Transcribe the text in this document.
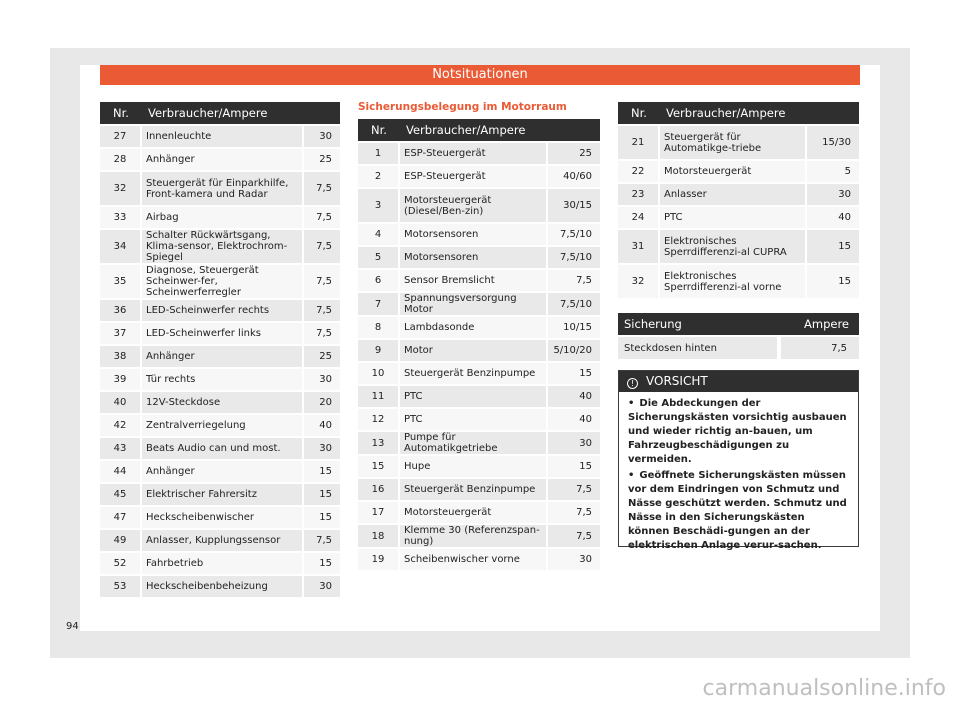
Notsituationen
Nr.	Verbraucher/Ampere	
27	Innenleuchte	30
28	Anhänger	25
32	Steuergerät für Einparkhilfe, Front-kamera und Radar	7,5
33	Airbag	7,5
34	Schalter Rückwärtsgang, Klima-sensor, Elektrochrom-Spiegel	7,5
35	Diagnose, Steuergerät Scheinwer-fer, Scheinwerferregler	7,5
36	LED-Scheinwerfer rechts	7,5
37	LED-Scheinwerfer links	7,5
38	Anhänger	25
39	Tür rechts	30
40	12V-Steckdose	20
42	Zentralverriegelung	40
43	Beats Audio can und most.	30
44	Anhänger	15
45	Elektrischer Fahrersitz	15
47	Heckscheibenwischer	15
49	Anlasser, Kupplungssensor	7,5
52	Fahrbetrieb	15
53	Heckscheibenbeheizung	30
Sicherungsbelegung im Motorraum
Nr.	Verbraucher/Ampere	
1	ESP-Steuergerät	25
2	ESP-Steuergerät	40/60
3	Motorsteuergerät (Diesel/Ben-zin)	30/15
4	Motorsensoren	7,5/10
5	Motorsensoren	7,5/10
6	Sensor Bremslicht	7,5
7	Spannungsversorgung Motor	7,5/10
8	Lambdasonde	10/15
9	Motor	5/10/20
10	Steuergerät Benzinpumpe	15
11	PTC	40
12	PTC	40
13	Pumpe für Automatikgetriebe	30
15	Hupe	15
16	Steuergerät Benzinpumpe	7,5
17	Motorsteuergerät	7,5
18	Klemme 30 (Referenzspan-nung)	7,5
19	Scheibenwischer vorne	30
Nr.	Verbraucher/Ampere	
21	Steuergerät für Automatikge-triebe	15/30
22	Motorsteuergerät	5
23	Anlasser	30
24	PTC	40
31	Elektronisches Sperrdifferenzi-al CUPRA	15
32	Elektronisches Sperrdifferenzi-al vorne	15
Sicherung	Ampere
Steckdosen hinten	7,5
! VORSICHT

• Die Abdeckungen der Sicherungskästen vorsichtig ausbauen und wieder richtig an-bauen, um Fahrzeugbeschädigungen zu vermeiden.

• Geöffnete Sicherungskästen müssen vor dem Eindringen von Schmutz und Nässe geschützt werden. Schmutz und Nässe in den Sicherungskästen können Beschädi-gungen an der elektrischen Anlage verur-sachen.

94
carmanualsonline.info
